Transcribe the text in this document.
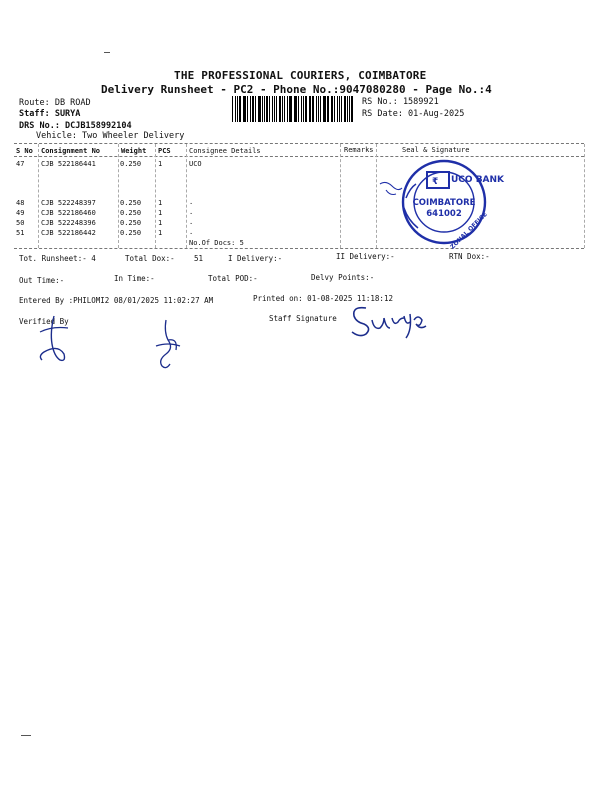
THE PROFESSIONAL COURIERS, COIMBATORE
Delivery Runsheet - PC2 - Phone No.:9047080280 - Page No.:4
Route: DB ROAD
Staff: SURYA
DRS No.: DCJB158992104
Vehicle: Two Wheeler Delivery
RS No.: 1589921
RS Date: 01-Aug-2025
S No Consignment No	Weight PCS	Consignee Details	Remarks	Seal & Signature
47 CJB 522186441	0.250 1	UCO
48 CJB 522248397	0.250 1	.
49 CJB 522186460	0.250 1	.
50 CJB 522248396	0.250 1	.
51 CJB 522186442	0.250 1	.
No.Of Docs: 5
₹ UCO BANK
COIMBATORE
641002
ZONAL OFFICE
Tot. Runsheet:- 4	Total Dox:-	51	I Delivery:-	II Delivery:-	RTN Dox:-
Out Time:-	In Time:-	Total POD:-	Delvy Points:-
Entered By :PHILOMI2 08/01/2025 11:02:27 AM	Printed on: 01-08-2025 11:18:12
Verified By	Staff Signature
